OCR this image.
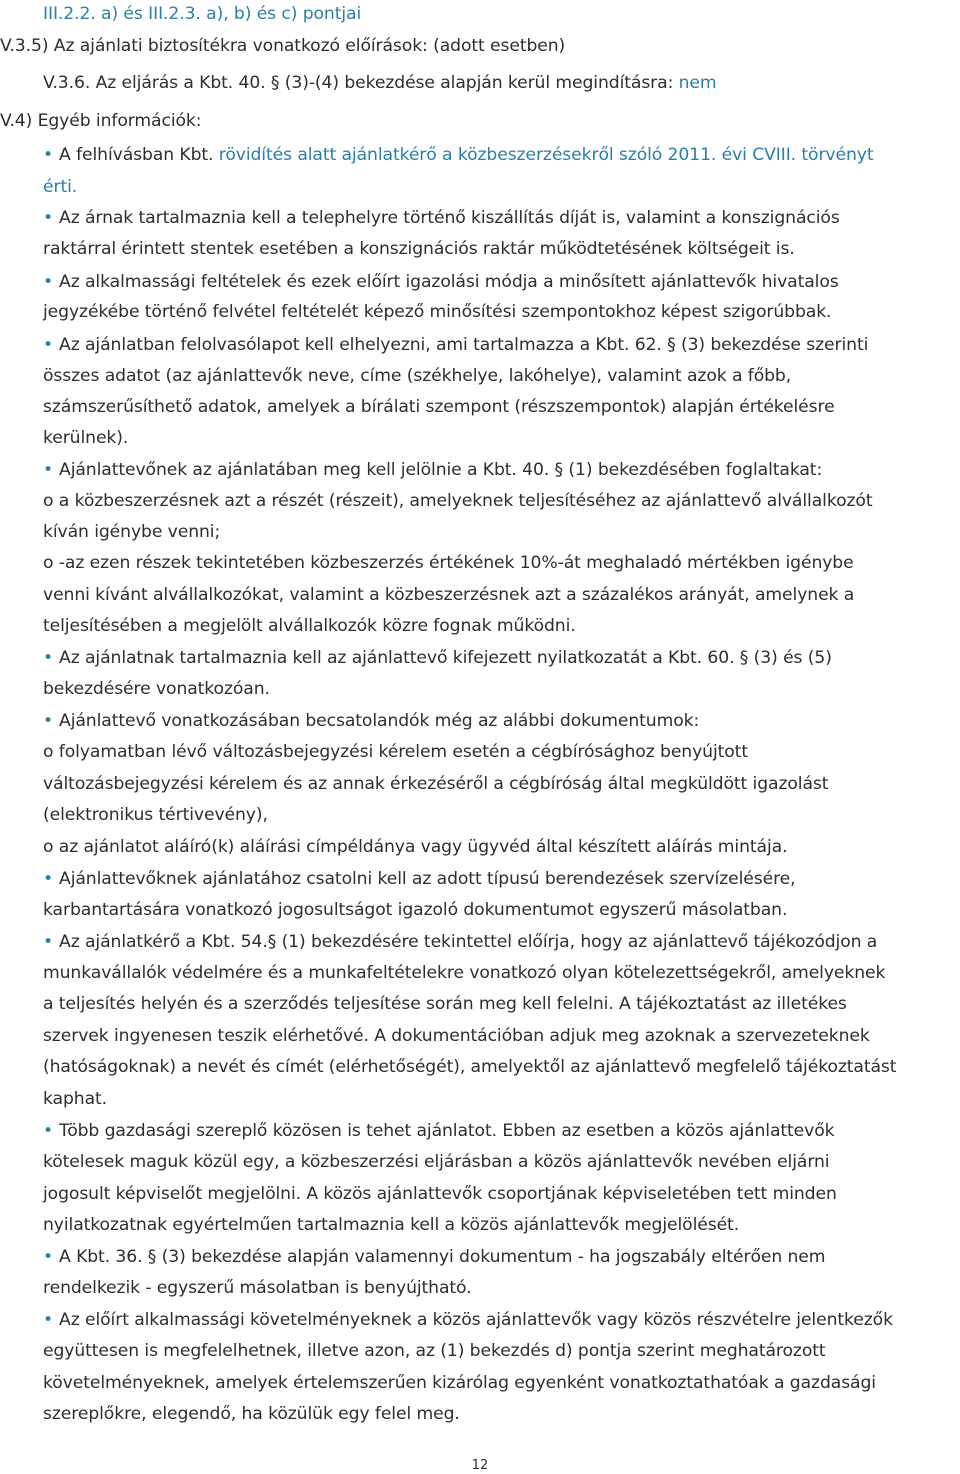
III.2.2. a) és III.2.3. a), b) és c) pontjai

V.3.5) Az ajánlati biztosítékra vonatkozó előírások: (adott esetben)

V.3.6. Az eljárás a Kbt. 40. § (3)-(4) bekezdése alapján kerül megindításra: nem

V.4) Egyéb információk:

• A felhívásban Kbt. rövidítés alatt ajánlatkérő a közbeszerzésekről szóló 2011. évi CVIII. törvényt

érti.

• Az árnak tartalmaznia kell a telephelyre történő kiszállítás díját is, valamint a konszignációs

raktárral érintett stentek esetében a konszignációs raktár működtetésének költségeit is.

• Az alkalmassági feltételek és ezek előírt igazolási módja a minősített ajánlattevők hivatalos

jegyzékébe történő felvétel feltételét képező minősítési szempontokhoz képest szigorúbbak.

• Az ajánlatban felolvasólapot kell elhelyezni, ami tartalmazza a Kbt. 62. § (3) bekezdése szerinti

összes adatot (az ajánlattevők neve, címe (székhelye, lakóhelye), valamint azok a főbb,

számszerűsíthető adatok, amelyek a bírálati szempont (részszempontok) alapján értékelésre

kerülnek).

• Ajánlattevőnek az ajánlatában meg kell jelölnie a Kbt. 40. § (1) bekezdésében foglaltakat:

o a közbeszerzésnek azt a részét (részeit), amelyeknek teljesítéséhez az ajánlattevő alvállalkozót

kíván igénybe venni;

o -az ezen részek tekintetében közbeszerzés értékének 10%-át meghaladó mértékben igénybe

venni kívánt alvállalkozókat, valamint a közbeszerzésnek azt a százalékos arányát, amelynek a

teljesítésében a megjelölt alvállalkozók közre fognak működni.

• Az ajánlatnak tartalmaznia kell az ajánlattevő kifejezett nyilatkozatát a Kbt. 60. § (3) és (5)

bekezdésére vonatkozóan.

• Ajánlattevő vonatkozásában becsatolandók még az alábbi dokumentumok:

o folyamatban lévő változásbejegyzési kérelem esetén a cégbírósághoz benyújtott

változásbejegyzési kérelem és az annak érkezéséről a cégbíróság által megküldött igazolást

(elektronikus tértivevény),

o az ajánlatot aláíró(k) aláírási címpéldánya vagy ügyvéd által készített aláírás mintája.

• Ajánlattevőknek ajánlatához csatolni kell az adott típusú berendezések szervízelésére,

karbantartására vonatkozó jogosultságot igazoló dokumentumot egyszerű másolatban.

• Az ajánlatkérő a Kbt. 54.§ (1) bekezdésére tekintettel előírja, hogy az ajánlattevő tájékozódjon a

munkavállalók védelmére és a munkafeltételekre vonatkozó olyan kötelezettségekről, amelyeknek

a teljesítés helyén és a szerződés teljesítése során meg kell felelni. A tájékoztatást az illetékes

szervek ingyenesen teszik elérhetővé. A dokumentációban adjuk meg azoknak a szervezeteknek

(hatóságoknak) a nevét és címét (elérhetőségét), amelyektől az ajánlattevő megfelelő tájékoztatást

kaphat.

• Több gazdasági szereplő közösen is tehet ajánlatot. Ebben az esetben a közös ajánlattevők

kötelesek maguk közül egy, a közbeszerzési eljárásban a közös ajánlattevők nevében eljárni

jogosult képviselőt megjelölni. A közös ajánlattevők csoportjának képviseletében tett minden

nyilatkozatnak egyértelműen tartalmaznia kell a közös ajánlattevők megjelölését.

• A Kbt. 36. § (3) bekezdése alapján valamennyi dokumentum - ha jogszabály eltérően nem

rendelkezik - egyszerű másolatban is benyújtható.

• Az előírt alkalmassági követelményeknek a közös ajánlattevők vagy közös részvételre jelentkezők

együttesen is megfelelhetnek, illetve azon, az (1) bekezdés d) pontja szerint meghatározott

követelményeknek, amelyek értelemszerűen kizárólag egyenként vonatkoztathatóak a gazdasági

szereplőkre, elegendő, ha közülük egy felel meg.

12
